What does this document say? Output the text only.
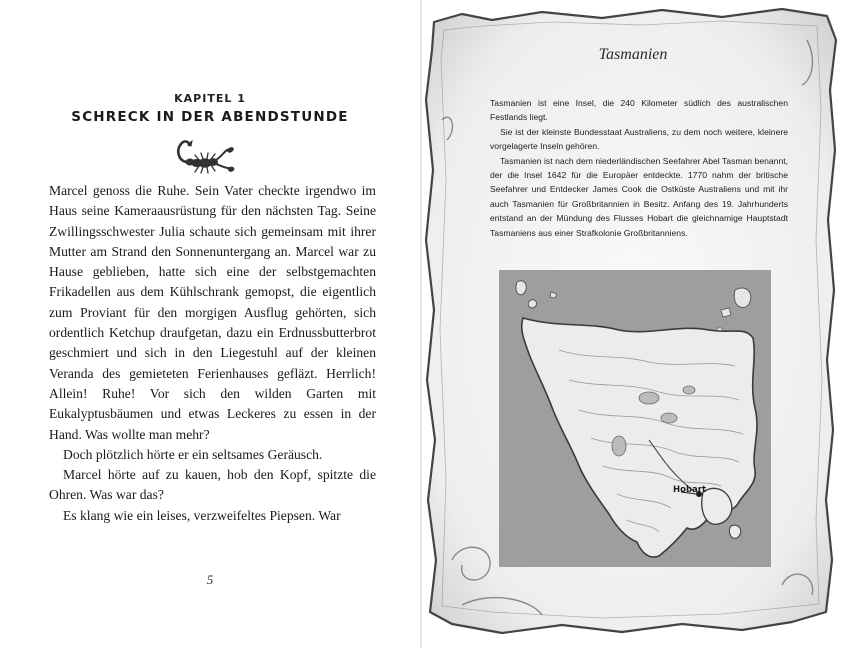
KAPITEL 1
SCHRECK IN DER ABENDSTUNDE

Marcel genoss die Ruhe. Sein Vater checkte irgendwo im Haus seine Kameraausrüstung für den nächsten Tag. Seine Zwillingsschwester Julia schaute sich gemeinsam mit ihrer Mutter am Strand den Sonnenuntergang an. Marcel war zu Hause geblieben, hatte sich eine der selbstgemachten Frikadellen aus dem Kühlschrank gemopst, die eigentlich zum Proviant für den morgigen Ausflug gehörten, sich ordentlich Ketchup draufgetan, dazu ein Erdnussbutterbrot geschmiert und sich in den Liegestuhl auf der kleinen Veranda des gemieteten Ferienhauses gefläzt. Herrlich! Allein! Ruhe! Vor sich den wilden Garten mit Eukalyptusbäumen und etwas Leckeres zu essen in der Hand. Was wollte man mehr?

Doch plötzlich hörte er ein seltsames Geräusch.

Marcel hörte auf zu kauen, hob den Kopf, spitzte die Ohren. Was war das?

Es klang wie ein leises, verzweifeltes Piepsen. War

5
Tasmanien

Tasmanien ist eine Insel, die 240 Kilometer südlich des australischen Festlands liegt.

Sie ist der kleinste Bundesstaat Australiens, zu dem noch weitere, kleinere vorgelagerte Inseln gehören.

Tasmanien ist nach dem niederländischen Seefahrer Abel Tasman benannt, der die Insel 1642 für die Europäer entdeckte. 1770 nahm der britische Seefahrer und Entdecker James Cook die Ostküste Australiens und mit ihr auch Tasmanien für Großbritannien in Besitz. Anfang des 19. Jahrhunderts entstand an der Mündung des Flusses Hobart die gleichnamige Hauptstadt Tasmaniens aus einer Strafkolonie Großbritanniens.

Hobart
